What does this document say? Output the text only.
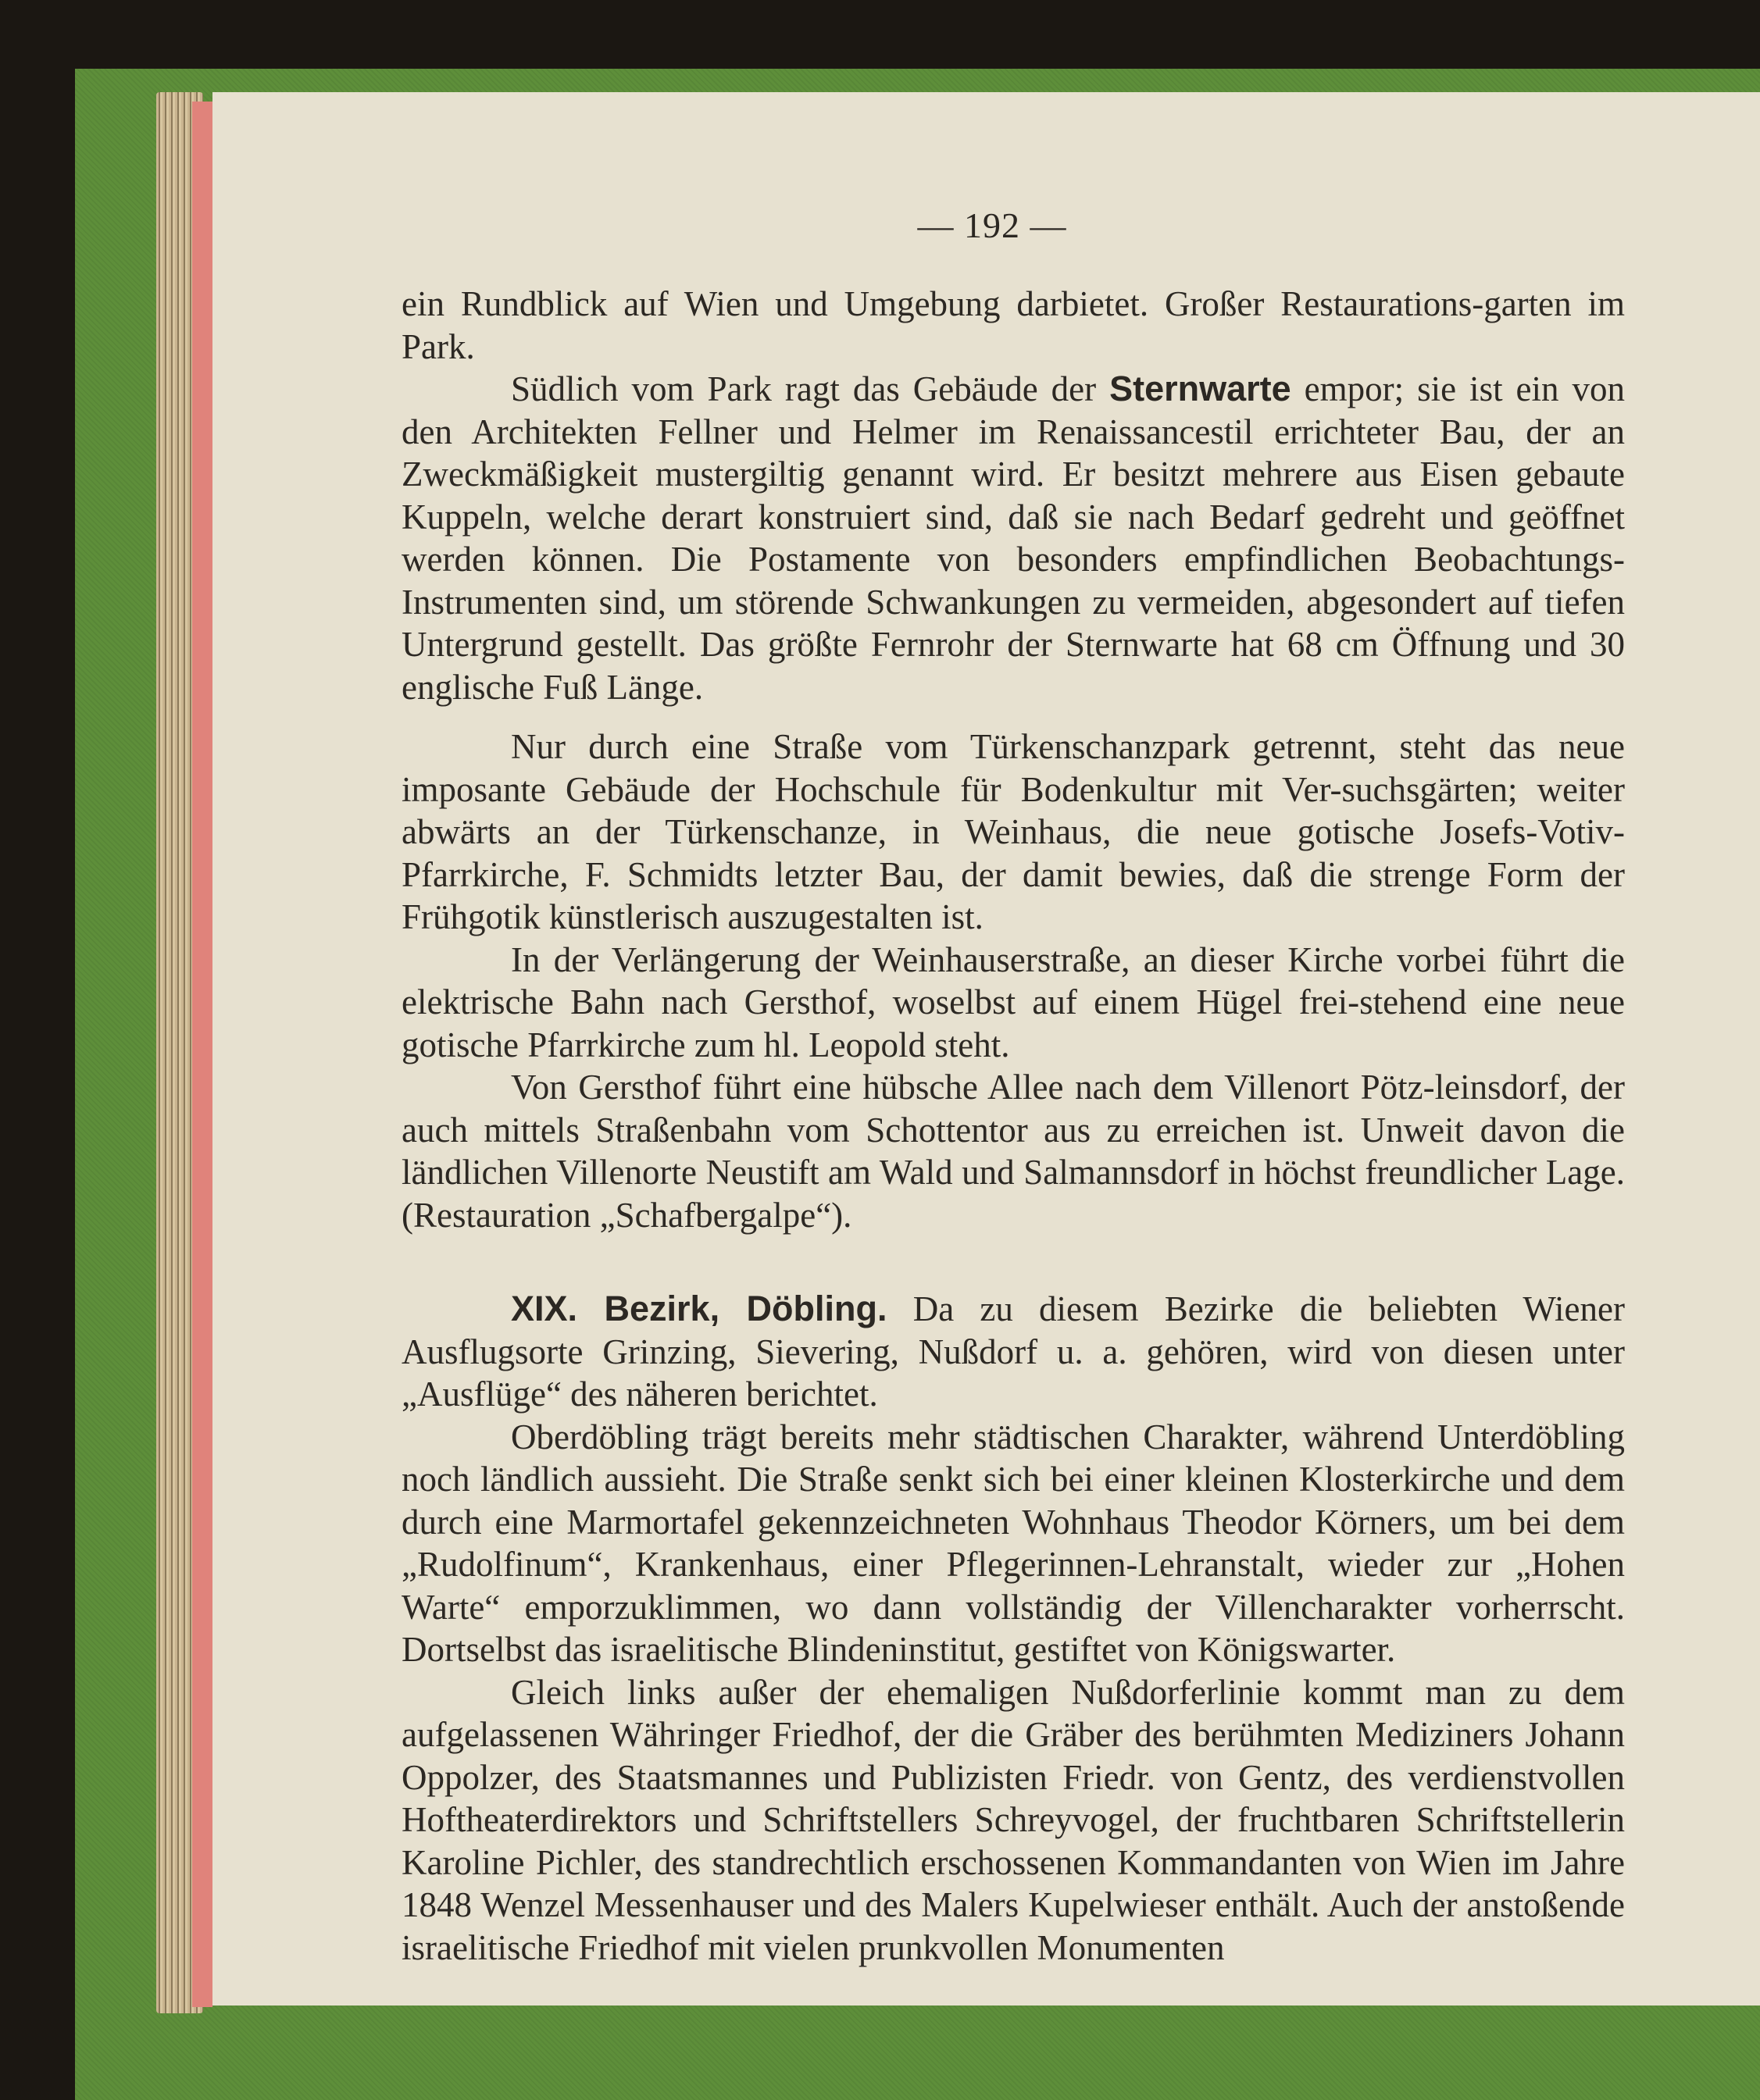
— 192 —

ein Rundblick auf Wien und Umgebung darbietet. Großer Restaurations-garten im Park.

Südlich vom Park ragt das Gebäude der Sternwarte empor; sie ist ein von den Architekten Fellner und Helmer im Renaissancestil errichteter Bau, der an Zweckmäßigkeit mustergiltig genannt wird. Er besitzt mehrere aus Eisen gebaute Kuppeln, welche derart konstruiert sind, daß sie nach Bedarf gedreht und geöffnet werden können. Die Postamente von besonders empfindlichen Beobachtungs-Instrumenten sind, um störende Schwankungen zu vermeiden, abgesondert auf tiefen Untergrund gestellt. Das größte Fernrohr der Sternwarte hat 68 cm Öffnung und 30 englische Fuß Länge.

Nur durch eine Straße vom Türkenschanzpark getrennt, steht das neue imposante Gebäude der Hochschule für Bodenkultur mit Ver-suchsgärten; weiter abwärts an der Türkenschanze, in Weinhaus, die neue gotische Josefs-Votiv-Pfarrkirche, F. Schmidts letzter Bau, der damit bewies, daß die strenge Form der Frühgotik künstlerisch auszugestalten ist.

In der Verlängerung der Weinhauserstraße, an dieser Kirche vorbei führt die elektrische Bahn nach Gersthof, woselbst auf einem Hügel frei-stehend eine neue gotische Pfarrkirche zum hl. Leopold steht.

Von Gersthof führt eine hübsche Allee nach dem Villenort Pötz-leinsdorf, der auch mittels Straßenbahn vom Schottentor aus zu erreichen ist. Unweit davon die ländlichen Villenorte Neustift am Wald und Salmannsdorf in höchst freundlicher Lage. (Restauration „Schafbergalpe“).

XIX. Bezirk, Döbling. Da zu diesem Bezirke die beliebten Wiener Ausflugsorte Grinzing, Sievering, Nußdorf u. a. gehören, wird von diesen unter „Ausflüge“ des näheren berichtet.

Oberdöbling trägt bereits mehr städtischen Charakter, während Unterdöbling noch ländlich aussieht. Die Straße senkt sich bei einer kleinen Klosterkirche und dem durch eine Marmortafel gekennzeichneten Wohnhaus Theodor Körners, um bei dem „Rudolfinum“, Krankenhaus, einer Pflegerinnen-Lehranstalt, wieder zur „Hohen Warte“ emporzuklimmen, wo dann vollständig der Villencharakter vorherrscht. Dortselbst das israelitische Blindeninstitut, gestiftet von Königswarter.

Gleich links außer der ehemaligen Nußdorferlinie kommt man zu dem aufgelassenen Währinger Friedhof, der die Gräber des berühmten Mediziners Johann Oppolzer, des Staatsmannes und Publizisten Friedr. von Gentz, des verdienstvollen Hoftheaterdirektors und Schriftstellers Schreyvogel, der fruchtbaren Schriftstellerin Karoline Pichler, des standrechtlich erschossenen Kommandanten von Wien im Jahre 1848 Wenzel Messenhauser und des Malers Kupelwieser enthält. Auch der anstoßende israelitische Friedhof mit vielen prunkvollen Monumenten
